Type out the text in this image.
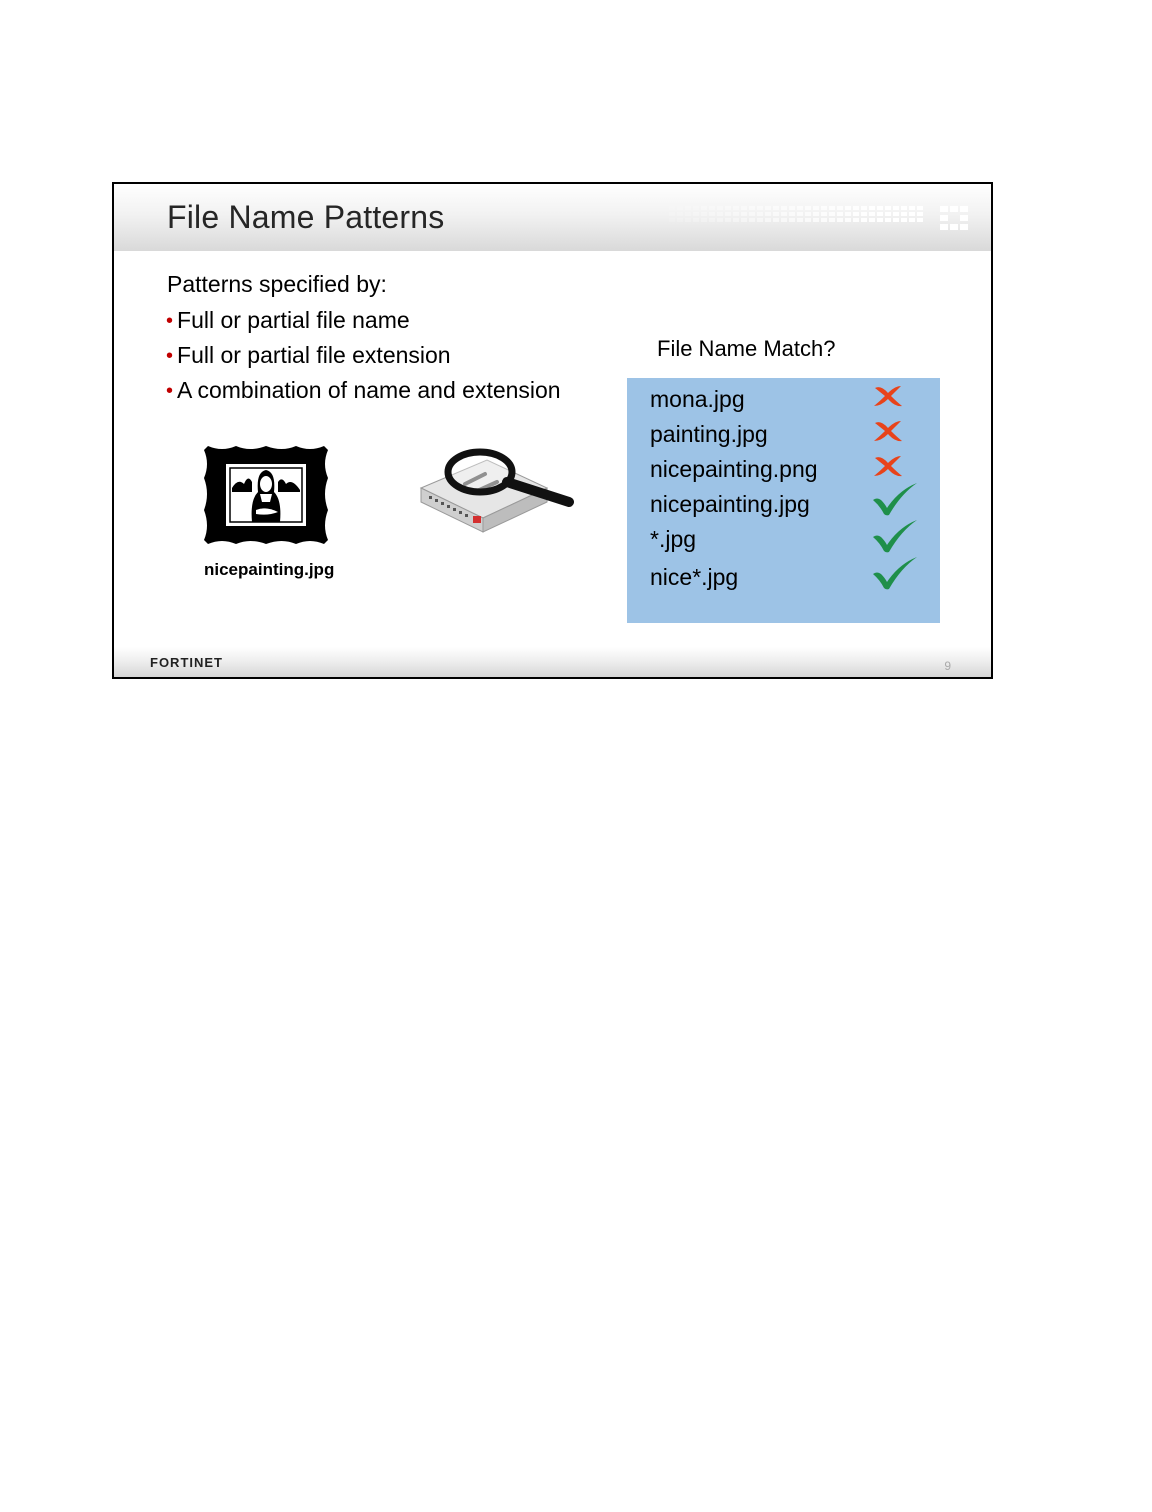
File Name Patterns
Patterns specified by:
• Full or partial file name
• Full or partial file extension
• A combination of name and extension
nicepainting.jpg
File Name Match?
mona.jpg
painting.jpg
nicepainting.png
nicepainting.jpg
*.jpg
nice*.jpg
FORTINET	9
